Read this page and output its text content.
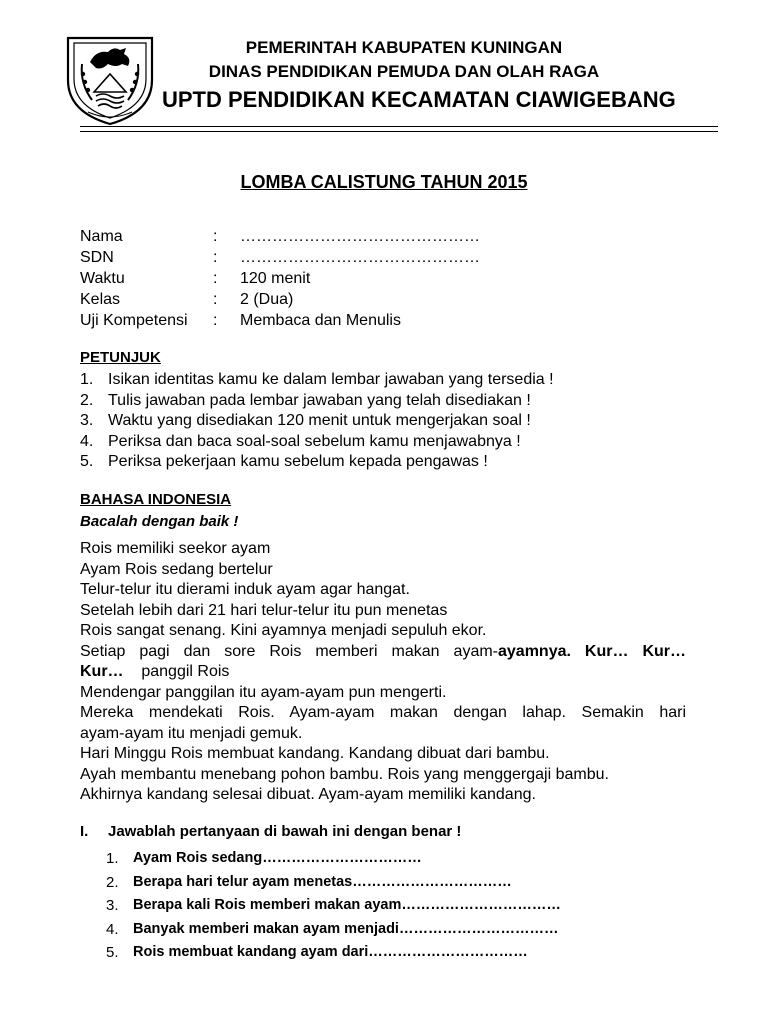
PEMERINTAH KABUPATEN KUNINGAN
DINAS PENDIDIKAN PEMUDA DAN OLAH RAGA
UPTD PENDIDIKAN KECAMATAN CIAWIGEBANG
LOMBA CALISTUNG TAHUN 2015
Nama	: ………………………………………
SDN	: ………………………………………
Waktu	: 120 menit
Kelas	: 2 (Dua)
Uji Kompetensi : Membaca dan Menulis
PETUNJUK
1. Isikan identitas kamu ke dalam lembar jawaban yang tersedia !
2. Tulis jawaban pada lembar jawaban yang telah disediakan !
3. Waktu yang disediakan 120 menit untuk mengerjakan soal !
4. Periksa dan baca soal-soal sebelum kamu menjawabnya !
5. Periksa pekerjaan kamu sebelum kepada pengawas !
BAHASA INDONESIA
Bacalah dengan baik !
Rois memiliki seekor ayam
Ayam Rois sedang bertelur
Telur-telur itu dierami induk ayam agar hangat.
Setelah lebih dari 21 hari telur-telur itu pun menetas
Rois sangat senang. Kini ayamnya menjadi sepuluh ekor.
Setiap pagi dan sore Rois memberi makan ayam-ayamnya. Kur… Kur…
Kur… panggil Rois
Mendengar panggilan itu ayam-ayam pun mengerti.
Mereka mendekati Rois. Ayam-ayam makan dengan lahap. Semakin hari
ayam-ayam itu menjadi gemuk.
Hari Minggu Rois membuat kandang. Kandang dibuat dari bambu.
Ayah membantu menebang pohon bambu. Rois yang menggergaji bambu.
Akhirnya kandang selesai dibuat. Ayam-ayam memiliki kandang.
I. Jawablah pertanyaan di bawah ini dengan benar !
1. Ayam Rois sedang……………………………
2. Berapa hari telur ayam menetas……………………………
3. Berapa kali Rois memberi makan ayam……………………………
4. Banyak memberi makan ayam menjadi……………………………
5. Rois membuat kandang ayam dari……………………………
